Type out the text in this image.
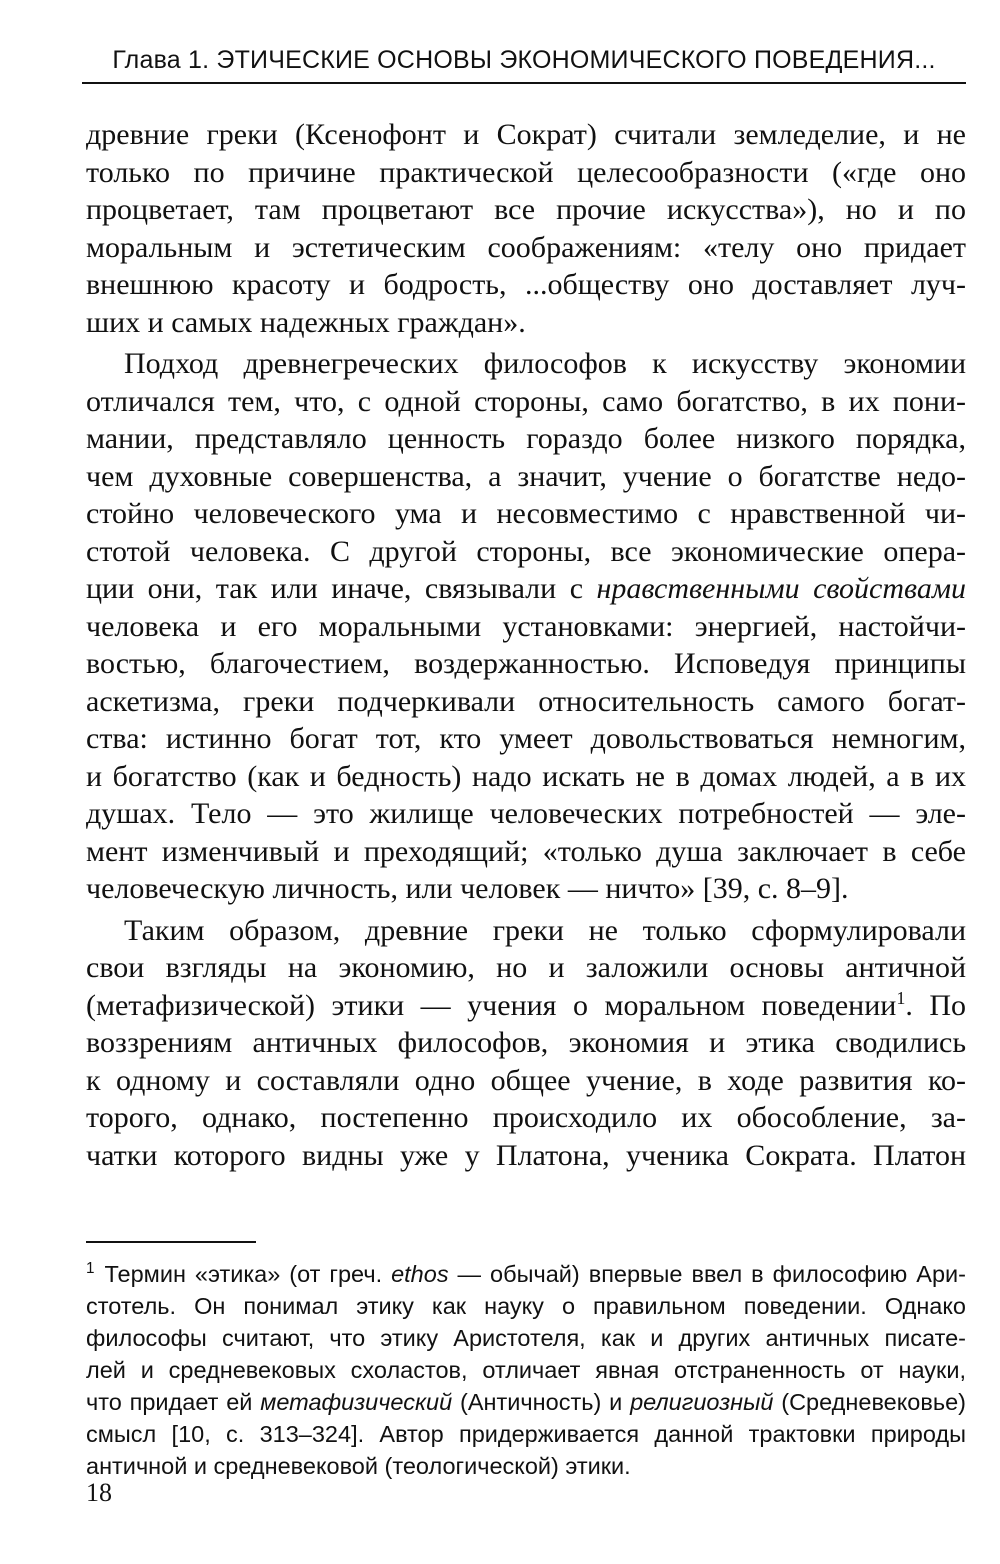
Глава 1. ЭТИЧЕСКИЕ ОСНОВЫ ЭКОНОМИЧЕСКОГО ПОВЕДЕНИЯ...

древние греки (Ксенофонт и Сократ) считали земледелие, и не
только по причине практической целесообразности («где оно
процветает, там процветают все прочие искусства»), но и по
моральным и эстетическим соображениям: «телу оно придает
внешнюю красоту и бодрость, ...обществу оно доставляет луч-
ших и самых надежных граждан».

Подход древнегреческих философов к искусству экономии
отличался тем, что, с одной стороны, само богатство, в их пони-
мании, представляло ценность гораздо более низкого порядка,
чем духовные совершенства, а значит, учение о богатстве недо-
стойно человеческого ума и несовместимо с нравственной чи-
стотой человека. С другой стороны, все экономические опера-
ции они, так или иначе, связывали с нравственными свойствами
человека и его моральными установками: энергией, настойчи-
востью, благочестием, воздержанностью. Исповедуя принципы
аскетизма, греки подчеркивали относительность самого богат-
ства: истинно богат тот, кто умеет довольствоваться немногим,
и богатство (как и бедность) надо искать не в домах людей, а в их
душах. Тело — это жилище человеческих потребностей — эле-
мент изменчивый и преходящий; «только душа заключает в себе
человеческую личность, или человек — ничто» [39, с. 8–9].

Таким образом, древние греки не только сформулировали
свои взгляды на экономию, но и заложили основы античной
(метафизической) этики — учения о моральном поведении$^1$. По
воззрениям античных философов, экономия и этика сводились
к одному и составляли одно общее учение, в ходе развития ко-
торого, однако, постепенно происходило их обособление, за-
чатки которого видны уже у Платона, ученика Сократа. Платон

$^1$ Термин «этика» (от греч. ethos — обычай) впервые ввел в философию Ари-
стотель. Он понимал этику как науку о правильном поведении. Однако
философы считают, что этику Аристотеля, как и других античных писате-
лей и средневековых схоластов, отличает явная отстраненность от науки,
что придает ей метафизический (Античность) и религиозный (Средневековье)
смысл [10, с. 313–324]. Автор придерживается данной трактовки природы
античной и средневековой (теологической) этики.
18
